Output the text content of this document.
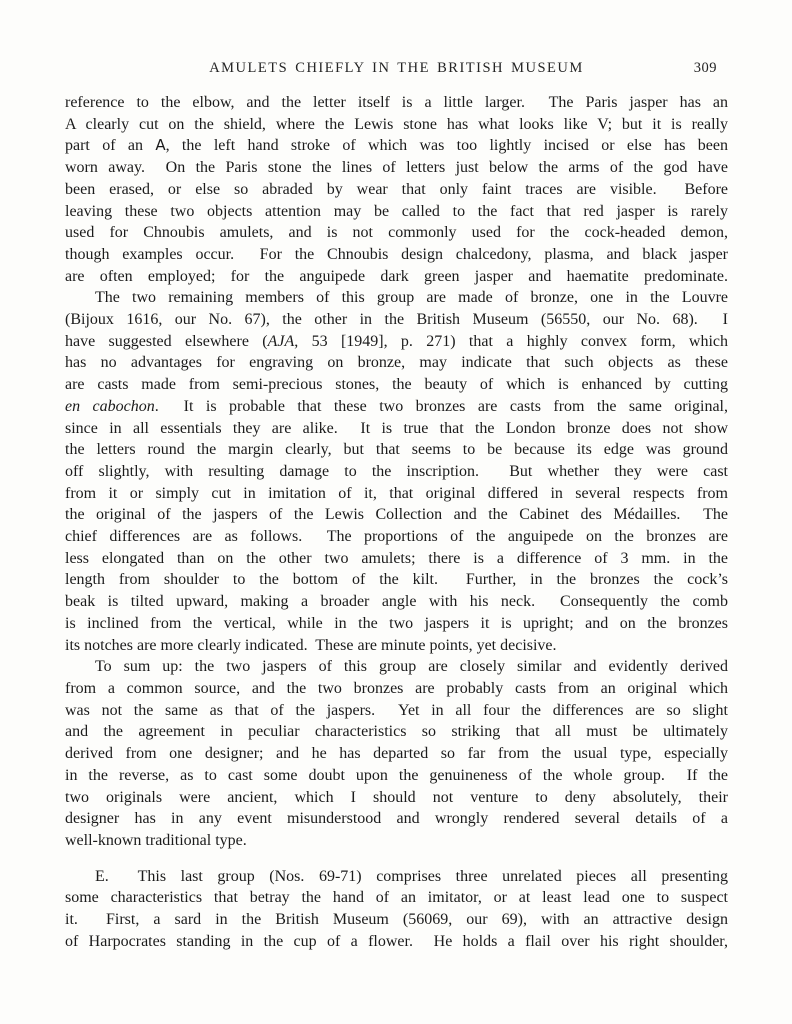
AMULETS CHIEFLY IN THE BRITISH MUSEUM	309
reference to the elbow, and the letter itself is a little larger.  The Paris jasper has an
A clearly cut on the shield, where the Lewis stone has what looks like V; but it is really
part of an A, the left hand stroke of which was too lightly incised or else has been
worn away.  On the Paris stone the lines of letters just below the arms of the god have
been erased, or else so abraded by wear that only faint traces are visible.  Before
leaving these two objects attention may be called to the fact that red jasper is rarely
used for Chnoubis amulets, and is not commonly used for the cock-headed demon,
though examples occur.  For the Chnoubis design chalcedony, plasma, and black jasper
are often employed; for the anguipede dark green jasper and haematite predominate.
The two remaining members of this group are made of bronze, one in the Louvre
(Bijoux 1616, our No. 67), the other in the British Museum (56550, our No. 68).  I
have suggested elsewhere (AJA, 53 [1949], p. 271) that a highly convex form, which
has no advantages for engraving on bronze, may indicate that such objects as these
are casts made from semi-precious stones, the beauty of which is enhanced by cutting
en cabochon.  It is probable that these two bronzes are casts from the same original,
since in all essentials they are alike.  It is true that the London bronze does not show
the letters round the margin clearly, but that seems to be because its edge was ground
off slightly, with resulting damage to the inscription.  But whether they were cast
from it or simply cut in imitation of it, that original differed in several respects from
the original of the jaspers of the Lewis Collection and the Cabinet des Médailles.  The
chief differences are as follows.  The proportions of the anguipede on the bronzes are
less elongated than on the other two amulets; there is a difference of 3 mm. in the
length from shoulder to the bottom of the kilt.  Further, in the bronzes the cock’s
beak is tilted upward, making a broader angle with his neck.  Consequently the comb
is inclined from the vertical, while in the two jaspers it is upright; and on the bronzes
its notches are more clearly indicated.  These are minute points, yet decisive.
To sum up: the two jaspers of this group are closely similar and evidently derived
from a common source, and the two bronzes are probably casts from an original which
was not the same as that of the jaspers.  Yet in all four the differences are so slight
and the agreement in peculiar characteristics so striking that all must be ultimately
derived from one designer; and he has departed so far from the usual type, especially
in the reverse, as to cast some doubt upon the genuineness of the whole group.  If the
two originals were ancient, which I should not venture to deny absolutely, their
designer has in any event misunderstood and wrongly rendered several details of a
well-known traditional type.
E.  This last group (Nos. 69-71) comprises three unrelated pieces all presenting
some characteristics that betray the hand of an imitator, or at least lead one to suspect
it.  First, a sard in the British Museum (56069, our 69), with an attractive design
of Harpocrates standing in the cup of a flower.  He holds a flail over his right shoulder,
